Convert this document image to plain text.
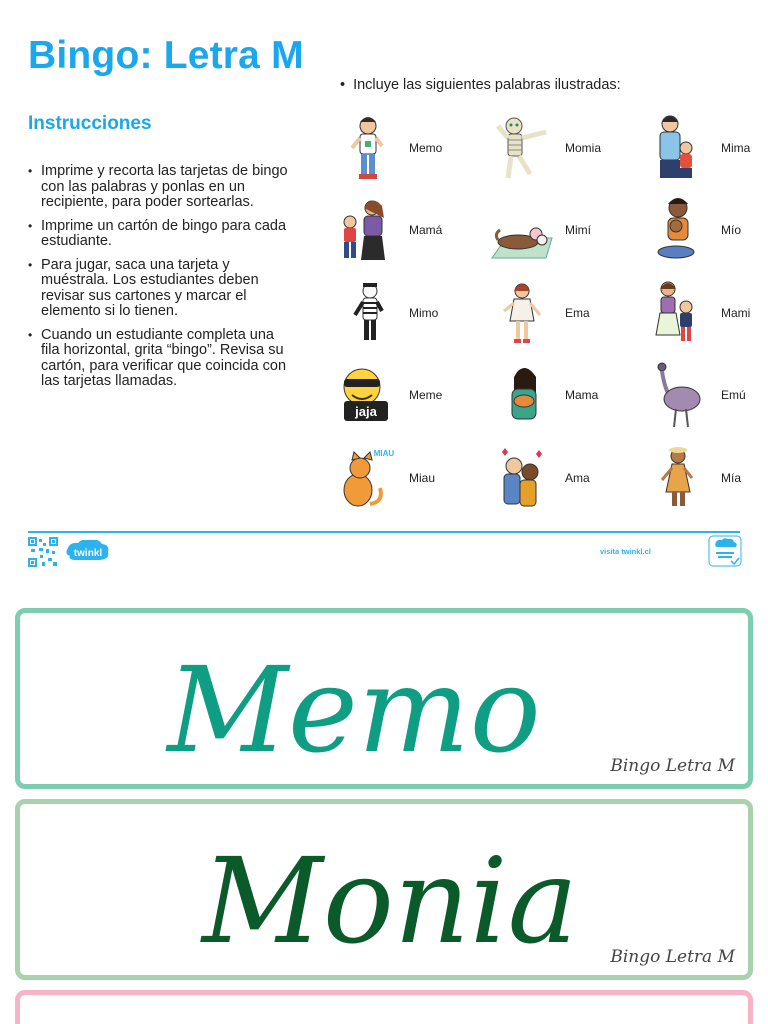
Bingo: Letra M
Instrucciones
• Imprime y recorta las tarjetas de bingo con las palabras y ponlas en un recipiente, para poder sortearlas.
• Imprime un cartón de bingo para cada estudiante.
• Para jugar, saca una tarjeta y muéstrala. Los estudiantes deben revisar sus cartones y marcar el elemento si lo tienen.
• Cuando un estudiante completa una fila horizontal, grita “bingo”. Revisa su cartón, para verificar que coincida con las tarjetas llamadas.
• Incluye las siguientes palabras ilustradas:
Memo	Momia	Mima
Mamá	Mimí	Mío
Mimo	Ema	Mami
jaja
Meme	Mama	Emú
MIAU
Miau	Ama	Mía
twinkl	visita twinkl.cl
Memo	Bingo Letra M
Monia Bingo Letra M
